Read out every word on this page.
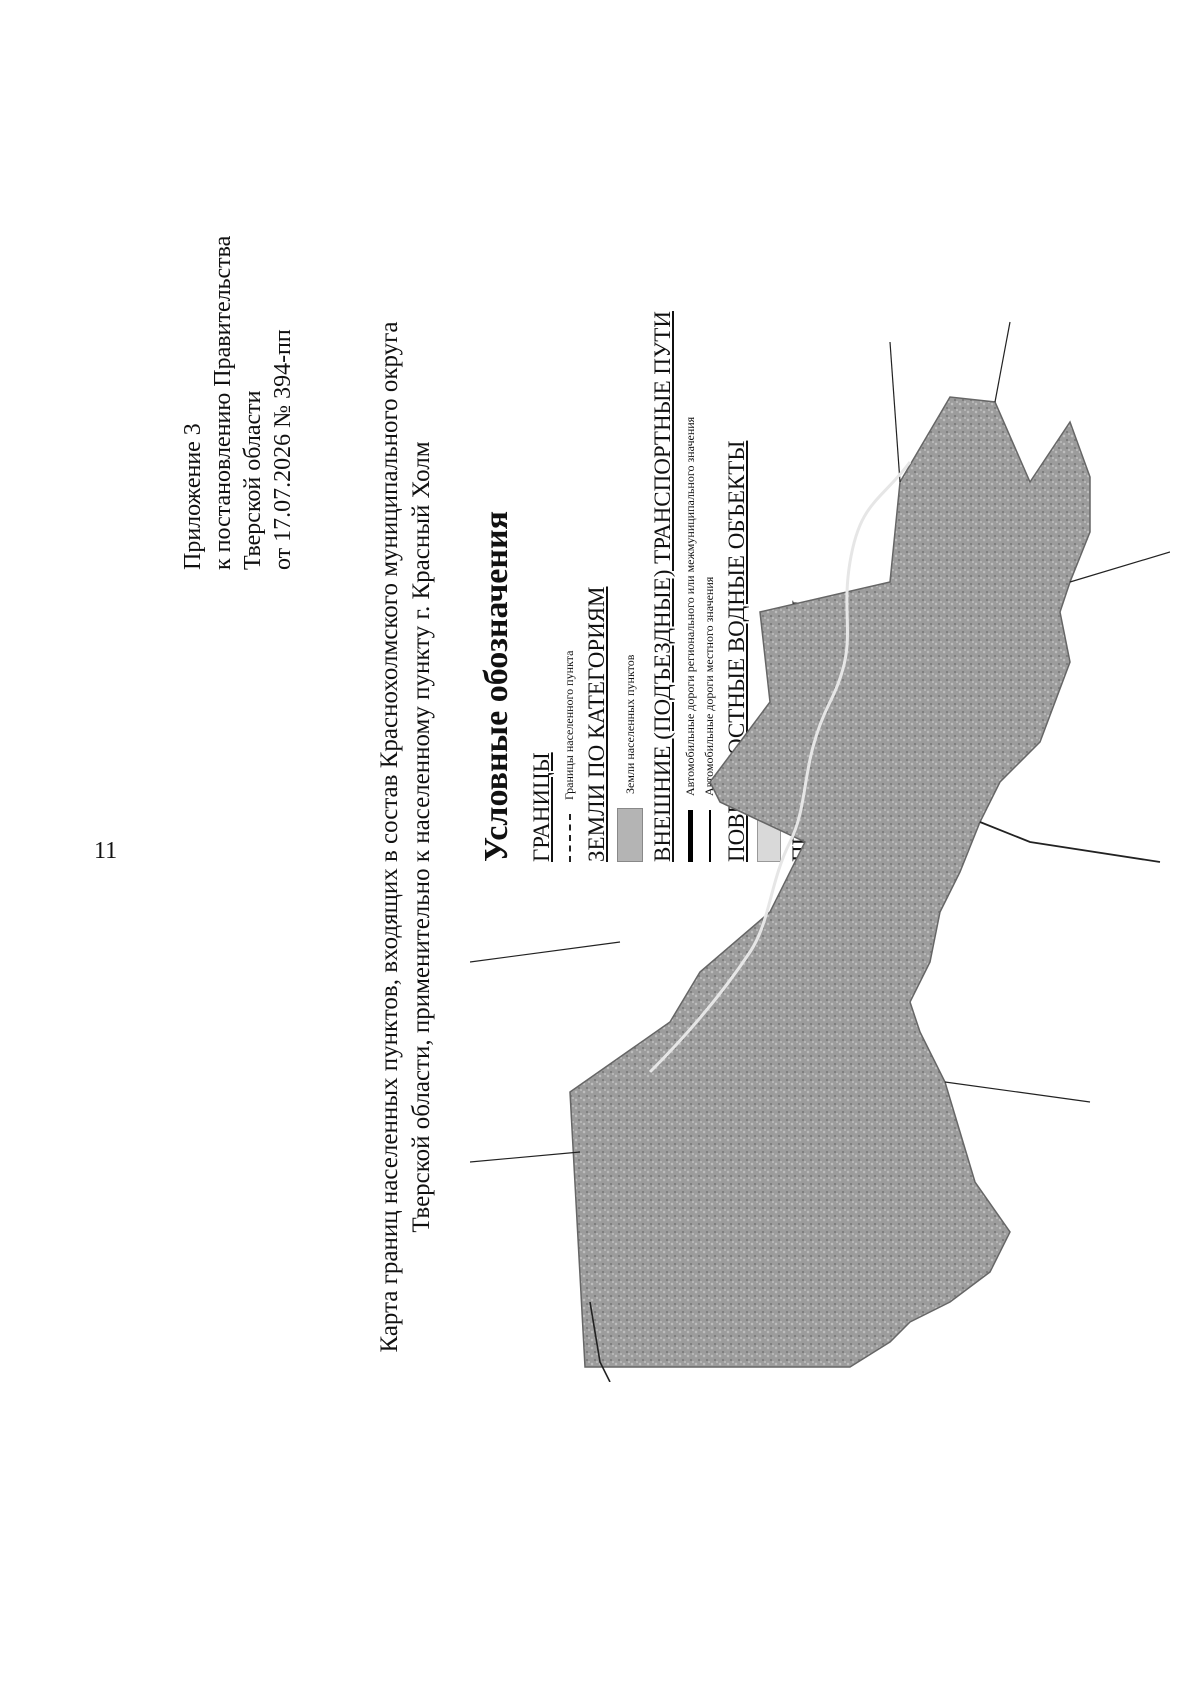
11
Приложение 3 к постановлению Правительства Тверской области от 17.07.2026 № 394-пп	Карта границ населенных пунктов, входящих в состав Краснохолмского муниципального округа Тверской области, применительно к населенному пункту г. Красный Холм Условные обозначения ГРАНИЦЫ
Границы населенного пункта ЗЕМЛИ ПО КАТЕГОРИЯМ Земли населенных пунктов ВНЕШНИЕ (ПОДЪЕЗДНЫЕ) ТРАНСПОРТНЫЕ ПУТИ Автомобильные дороги регионального или межмуниципального значения Автомобильные дороги местного значения ПОВЕРХНОСТНЫЕ ВОДНЫЕ ОБЪЕКТЫ
